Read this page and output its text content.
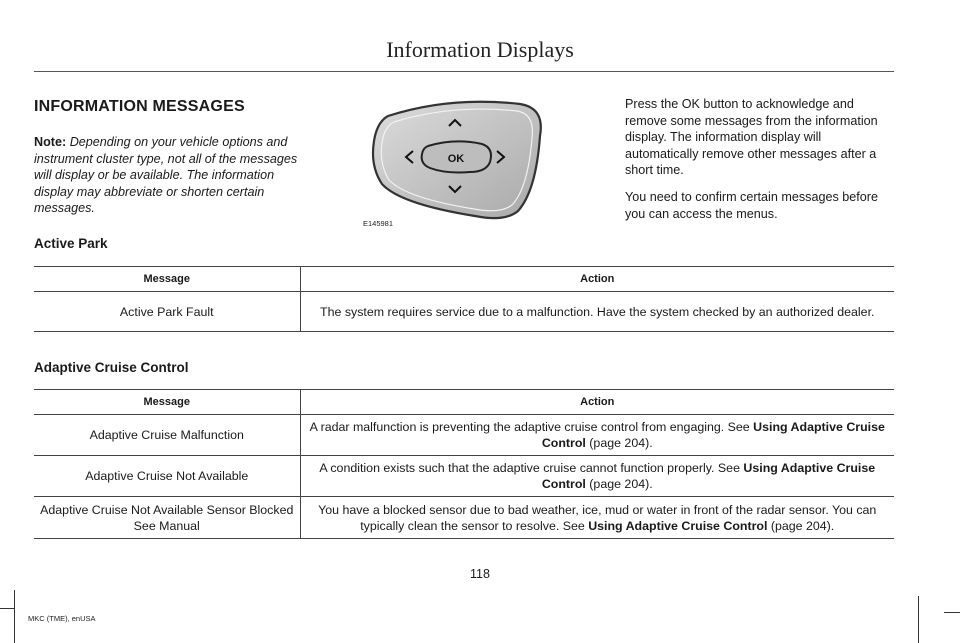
Information Displays
INFORMATION MESSAGES
Note: Depending on your vehicle options and instrument cluster type, not all of the messages will display or be available. The information display may abbreviate or shorten certain messages.
OK
E145981

Press the OK button to acknowledge and remove some messages from the information display. The information display will automatically remove other messages after a short time.

You need to confirm certain messages before you can access the menus.

Active Park
Message	Action
Active Park Fault	The system requires service due to a malfunction. Have the system checked by an authorized dealer.
Adaptive Cruise Control
Message	Action
Adaptive Cruise Malfunction	A radar malfunction is preventing the adaptive cruise control from engaging. See Using Adaptive Cruise Control (page 204).
Adaptive Cruise Not Available	A condition exists such that the adaptive cruise cannot function properly. See Using Adaptive Cruise Control (page 204).
Adaptive Cruise Not Available Sensor Blocked See Manual	You have a blocked sensor due to bad weather, ice, mud or water in front of the radar sensor. You can typically clean the sensor to resolve. See Using Adaptive Cruise Control (page 204).
118
MKC (TME), enUSA
